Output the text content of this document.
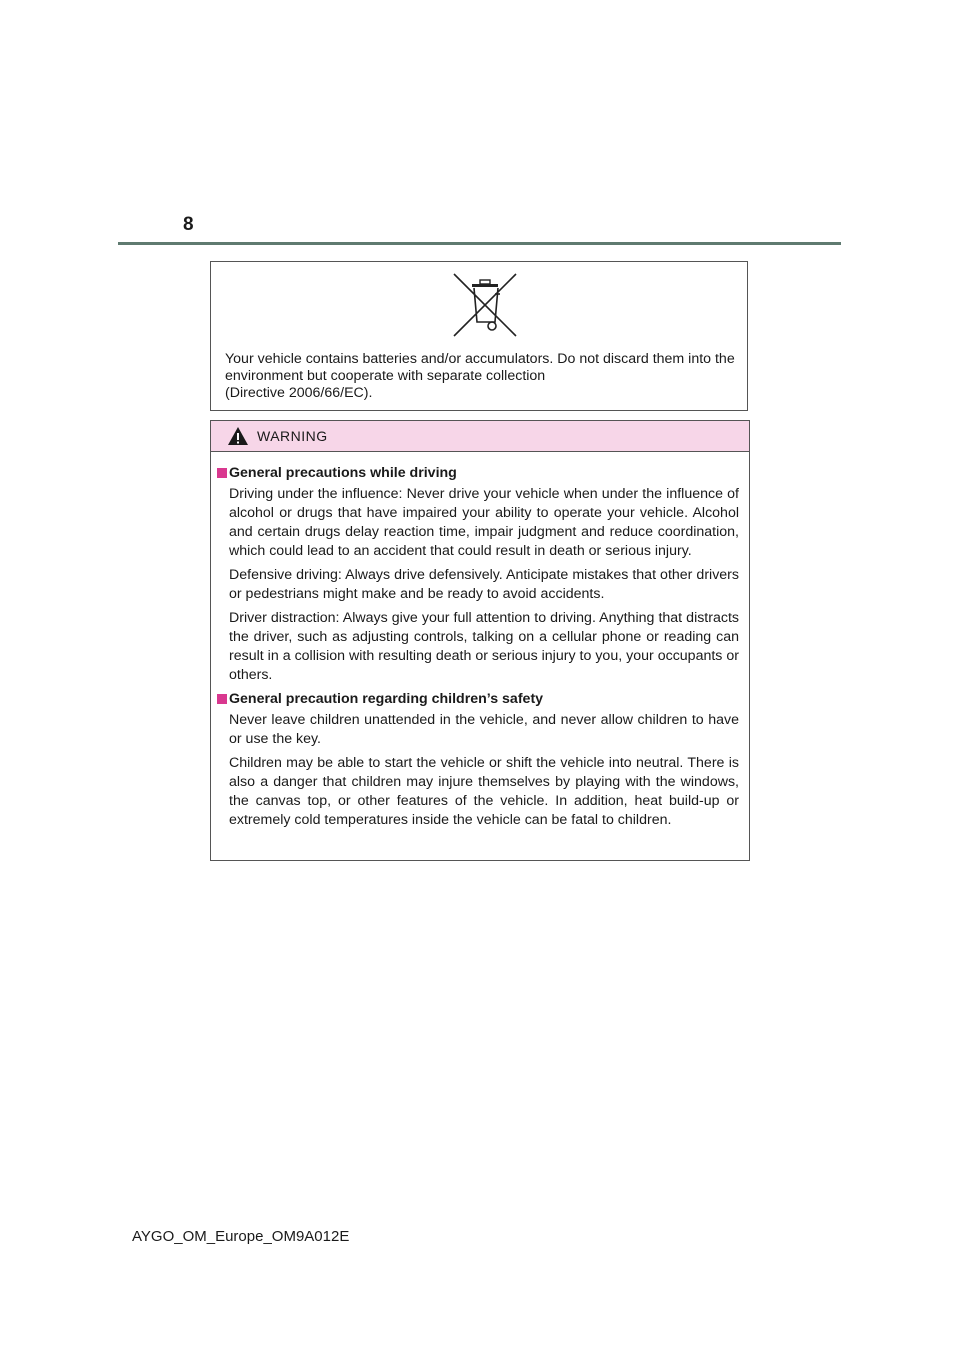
8
Your vehicle contains batteries and/or accumulators. Do not discard them into the environment but cooperate with separate collection
(Directive 2006/66/EC).
WARNING
General precautions while driving

Driving under the influence: Never drive your vehicle when under the influence of alcohol or drugs that have impaired your ability to operate your vehicle. Alcohol and certain drugs delay reaction time, impair judgment and reduce coordination, which could lead to an accident that could result in death or serious injury.

Defensive driving: Always drive defensively. Anticipate mistakes that other drivers or pedestrians might make and be ready to avoid accidents.

Driver distraction: Always give your full attention to driving. Anything that distracts the driver, such as adjusting controls, talking on a cellular phone or reading can result in a collision with resulting death or serious injury to you, your occupants or others.

General precaution regarding children’s safety

Never leave children unattended in the vehicle, and never allow children to have or use the key.

Children may be able to start the vehicle or shift the vehicle into neutral. There is also a danger that children may injure themselves by playing with the windows, the canvas top, or other features of the vehicle. In addition, heat build-up or extremely cold temperatures inside the vehicle can be fatal to children.

AYGO_OM_Europe_OM9A012E
